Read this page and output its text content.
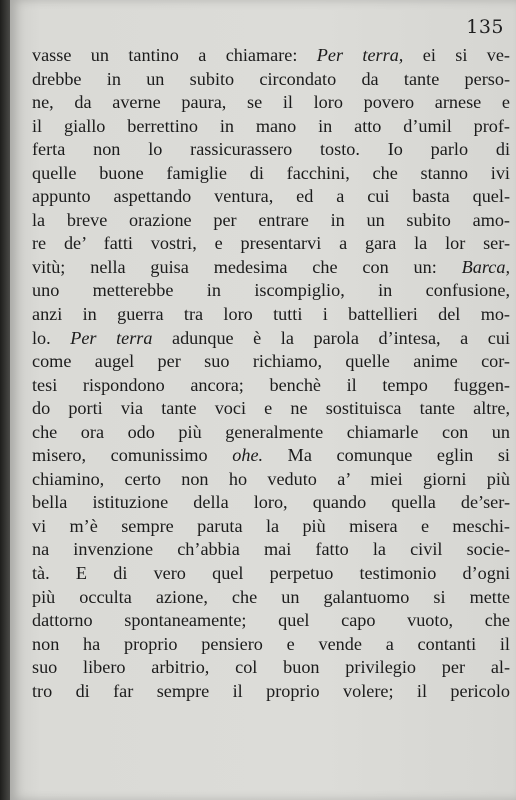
135
vasse un tantino a chiamare: Per terra, ei si ve-
drebbe in un subito circondato da tante perso-
ne, da averne paura, se il loro povero arnese e
il giallo berrettino in mano in atto d’umil prof-
ferta non lo rassicurassero tosto. Io parlo di
quelle buone famiglie di facchini, che stanno ivi
appunto aspettando ventura, ed a cui basta quel-
la breve orazione per entrare in un subito amo-
re de’ fatti vostri, e presentarvi a gara la lor ser-
vitù; nella guisa medesima che con un: Barca,
uno metterebbe in iscompiglio, in confusione,
anzi in guerra tra loro tutti i battellieri del mo-
lo. Per terra adunque è la parola d’intesa, a cui
come augel per suo richiamo, quelle anime cor-
tesi rispondono ancora; benchè il tempo fuggen-
do porti via tante voci e ne sostituisca tante altre,
che ora odo più generalmente chiamarle con un
misero, comunissimo ohe. Ma comunque eglin si
chiamino, certo non ho veduto a’ miei giorni più
bella istituzione della loro, quando quella de’ser-
vi m’è sempre paruta la più misera e meschi-
na invenzione ch’abbia mai fatto la civil socie-
tà. E di vero quel perpetuo testimonio d’ogni
più occulta azione, che un galantuomo si mette
dattorno spontaneamente; quel capo vuoto, che
non ha proprio pensiero e vende a contanti il
suo libero arbitrio, col buon privilegio per al-
tro di far sempre il proprio volere; il pericolo
